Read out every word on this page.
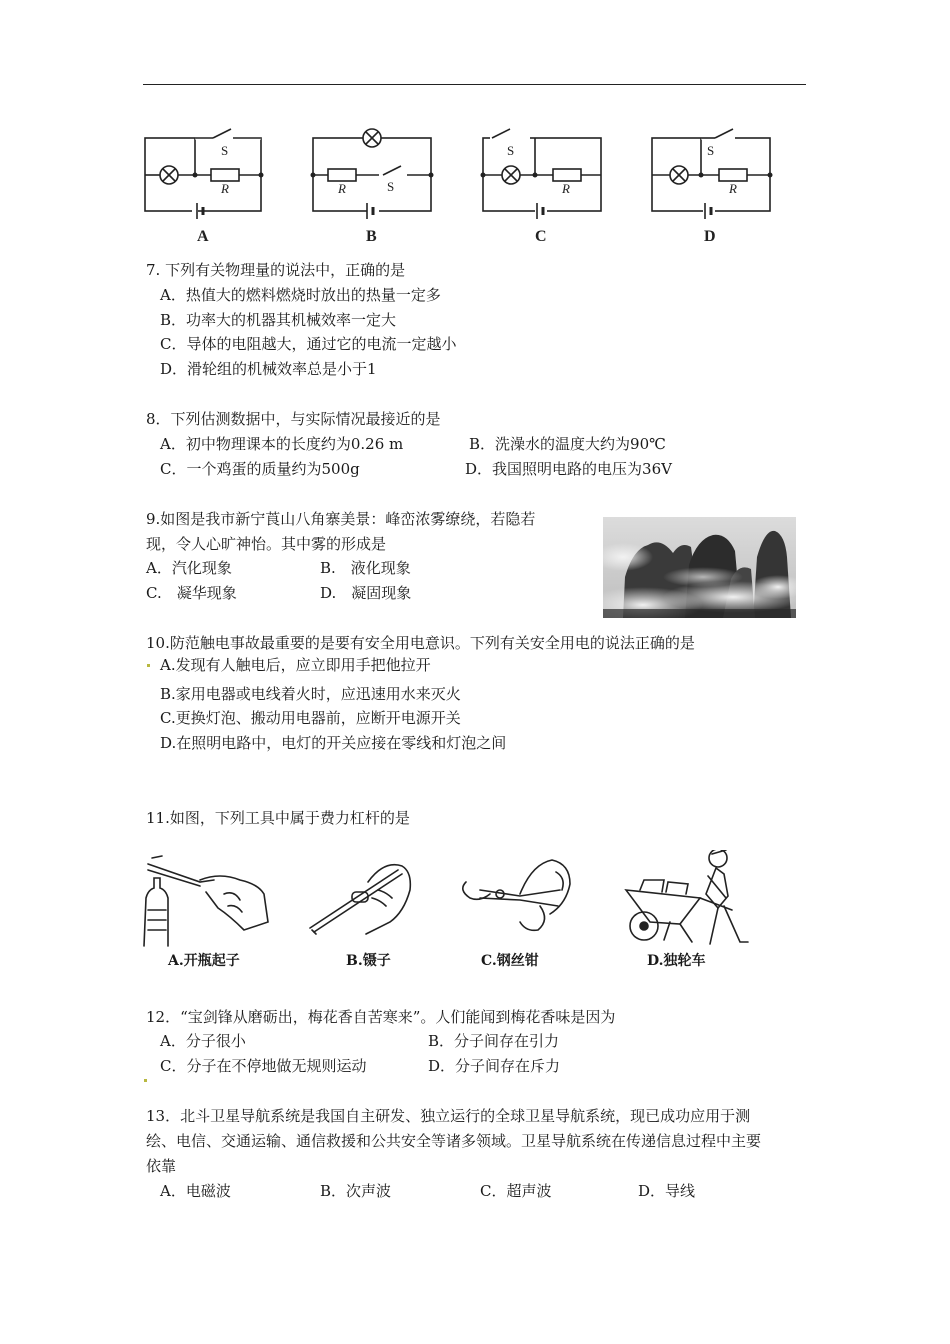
S
R	R	S
S
R
S
R
A	B	C	D
7. 下列有关物理量的说法中，正确的是
A．热值大的燃料燃烧时放出的热量一定多
B．功率大的机器其机械效率一定大
C．导体的电阻越大，通过它的电流一定越小
D．滑轮组的机械效率总是小于1
8．下列估测数据中，与实际情况最接近的是
A．初中物理课本的长度约为0.26 m	B．洗澡水的温度大约为90℃
C．一个鸡蛋的质量约为500g	D．我国照明电路的电压为36V
9.如图是我市新宁莨山八角寨美景：峰峦浓雾缭绕，若隐若
现，令人心旷神怡。其中雾的形成是
A．汽化现象	B.　液化现象
C.　凝华现象	D.　凝固现象
10.防范触电事故最重要的是要有安全用电意识。下列有关安全用电的说法正确的是
A.发现有人触电后，应立即用手把他拉开
B.家用电器或电线着火时，应迅速用水来灭火
C.更换灯泡、搬动用电器前，应断开电源开关
D.在照明电路中，电灯的开关应接在零线和灯泡之间
11.如图，下列工具中属于费力杠杆的是
A.开瓶起子	B.镊子	C.钢丝钳	D.独轮车
12．“宝剑锋从磨砺出，梅花香自苦寒来”。人们能闻到梅花香味是因为
A．分子很小	B．分子间存在引力
C．分子在不停地做无规则运动	D．分子间存在斥力
13．北斗卫星导航系统是我国自主研发、独立运行的全球卫星导航系统，现已成功应用于测
绘、电信、交通运输、通信救援和公共安全等诸多领域。卫星导航系统在传递信息过程中主要
依靠
A．电磁波	B．次声波	C．超声波	D．导线
